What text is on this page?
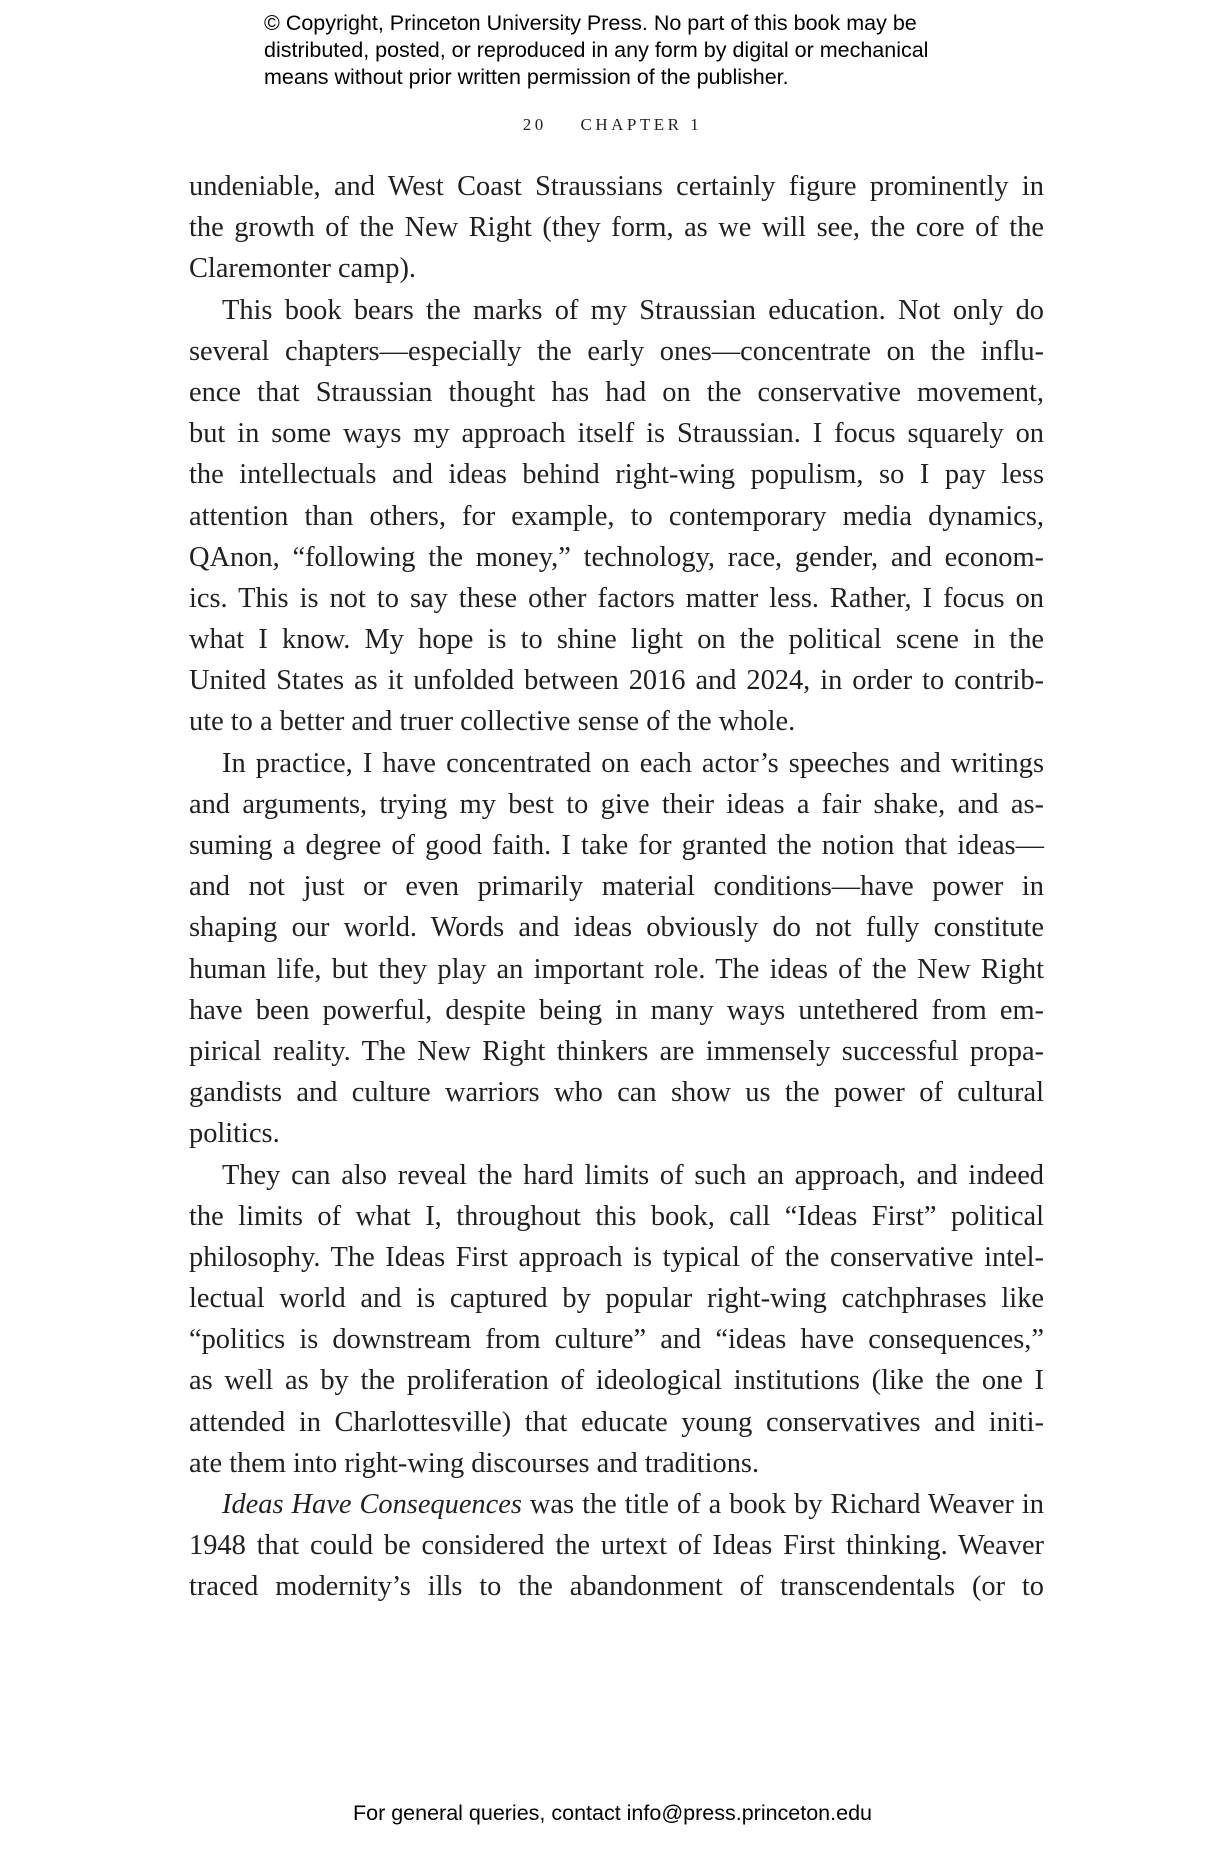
© Copyright, Princeton University Press. No part of this book may be
distributed, posted, or reproduced in any form by digital or mechanical
means without prior written permission of the publisher.
20 CHAPTER 1
undeniable, and West Coast Straussians certainly figure prominently in
the growth of the New Right (they form, as we will see, the core of the
Claremonter camp).
This book bears the marks of my Straussian education. Not only do
several chapters—especially the early ones—concentrate on the influ-
ence that Straussian thought has had on the conservative movement,
but in some ways my approach itself is Straussian. I focus squarely on
the intellectuals and ideas behind right-wing populism, so I pay less
attention than others, for example, to contemporary media dynamics,
QAnon, “following the money,” technology, race, gender, and econom-
ics. This is not to say these other factors matter less. Rather, I focus on
what I know. My hope is to shine light on the political scene in the
United States as it unfolded between 2016 and 2024, in order to contrib-
ute to a better and truer collective sense of the whole.
In practice, I have concentrated on each actor’s speeches and writings
and arguments, trying my best to give their ideas a fair shake, and as-
suming a degree of good faith. I take for granted the notion that ideas—
and not just or even primarily material conditions—have power in
shaping our world. Words and ideas obviously do not fully constitute
human life, but they play an important role. The ideas of the New Right
have been powerful, despite being in many ways untethered from em-
pirical reality. The New Right thinkers are immensely successful propa-
gandists and culture warriors who can show us the power of cultural
politics.
They can also reveal the hard limits of such an approach, and indeed
the limits of what I, throughout this book, call “Ideas First” political
philosophy. The Ideas First approach is typical of the conservative intel-
lectual world and is captured by popular right-wing catchphrases like
“politics is downstream from culture” and “ideas have consequences,”
as well as by the proliferation of ideological institutions (like the one I
attended in Charlottesville) that educate young conservatives and initi-
ate them into right-wing discourses and traditions.
Ideas Have Consequences was the title of a book by Richard Weaver in
1948 that could be considered the urtext of Ideas First thinking. Weaver
traced modernity’s ills to the abandonment of transcendentals (or to
For general queries, contact info@press.princeton.edu
